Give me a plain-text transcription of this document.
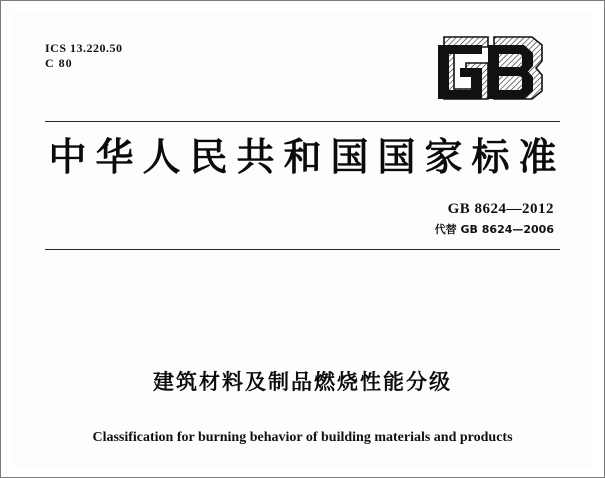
ICS 13.220.50
C 80
中华人民共和国国家标准
GB 8624—2012
代替 GB 8624—2006
建筑材料及制品燃烧性能分级
Classification for burning behavior of building materials and products
